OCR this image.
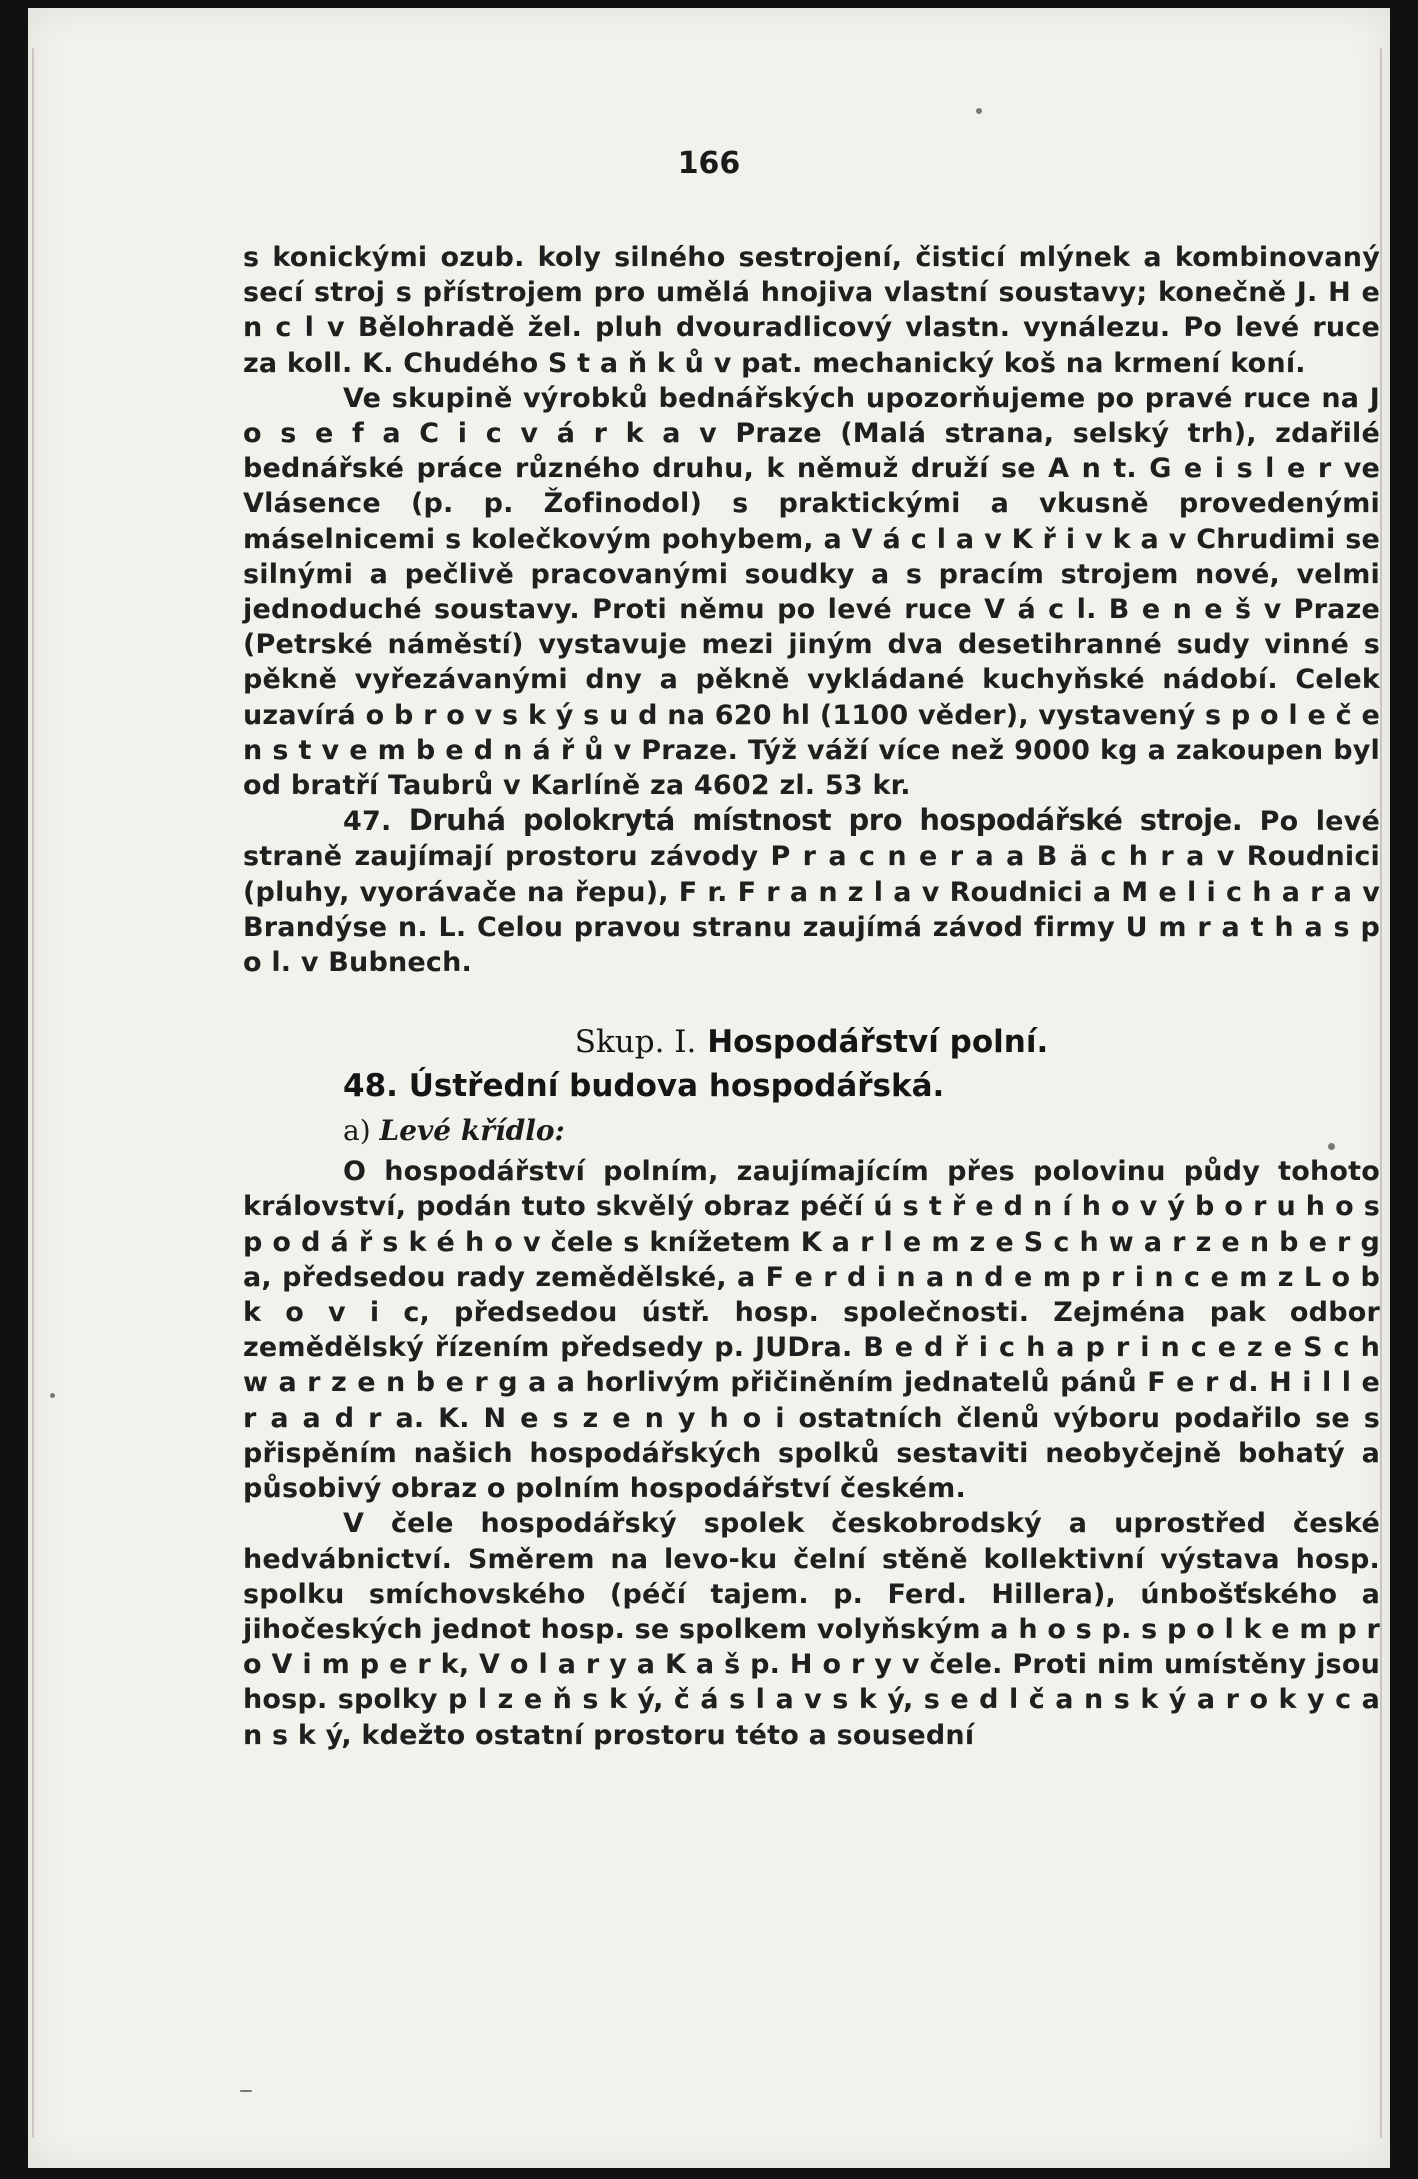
166

s konickými ozub. koly silného sestrojení, čisticí mlýnek a kombinovaný secí stroj s přístrojem pro umělá hnojiva vlastní soustavy; konečně J. H e n c l v Bělohradě žel. pluh dvouradlicový vlastn. vynálezu. Po levé ruce za koll. K. Chudého S t a ň k ů v pat. mechanický koš na krmení koní.

Ve skupině výrobků bednářských upozorňujeme po pravé ruce na J o s e f a C i c v á r k a v Praze (Malá strana, selský trh), zdařilé bednářské práce různého druhu, k němuž druží se A n t. G e i s l e r ve Vlásence (p. p. Žofinodol) s praktickými a vkusně provedenými máselnicemi s kolečkovým pohybem, a V á c l a v K ř i v k a v Chrudimi se silnými a pečlivě pracovanými soudky a s pracím strojem nové, velmi jednoduché soustavy. Proti němu po levé ruce V á c l. B e n e š v Praze (Petrské náměstí) vystavuje mezi jiným dva desetihranné sudy vinné s pěkně vyřezávanými dny a pěkně vykládané kuchyňské nádobí. Celek uzavírá o b r o v s k ý s u d na 620 hl (1100 věder), vystavený s p o l e č e n s t v e m b e d n á ř ů v Praze. Týž váží více než 9000 kg a zakoupen byl od bratří Taubrů v Karlíně za 4602 zl. 53 kr.

47. Druhá polokrytá místnost pro hospodářské stroje. Po levé straně zaujímají prostoru závody P r a c n e r a a B ä c h r a v Roudnici (pluhy, vyorávače na řepu), F r. F r a n z l a v Roudnici a M e l i c h a r a v Brandýse n. L. Celou pravou stranu zaujímá závod firmy U m r a t h a s p o l. v Bubnech.

Skup. I. Hospodářství polní.

48. Ústřední budova hospodářská.

a) Levé křídlo:

O hospodářství polním, zaujímajícím přes polovinu půdy tohoto království, podán tuto skvělý obraz péčí ú s t ř e d n í h o v ý b o r u h o s p o d á ř s k é h o v čele s knížetem K a r l e m z e S c h w a r z e n b e r g a, předsedou rady zemědělské, a F e r d i n a n d e m p r i n c e m z L o b k o v i c, předsedou ústř. hosp. společnosti. Zejména pak odbor zemědělský řízením předsedy p. JUDra. B e d ř i c h a p r i n c e z e S c h w a r z e n b e r g a a horlivým přičiněním jednatelů pánů F e r d. H i l l e r a a d r a. K. N e s z e n y h o i ostatních členů výboru podařilo se s přispěním našich hospodářských spolků sestaviti neobyčejně bohatý a působivý obraz o polním hospodářství českém.

V čele hospodářský spolek českobrodský a uprostřed české hedvábnictví. Směrem na levo-ku čelní stěně kollektivní výstava hosp. spolku smíchovského (péčí tajem. p. Ferd. Hillera), únbošťského a jihočeských jednot hosp. se spolkem volyňským a h o s p. s p o l k e m p r o V i m p e r k, V o l a r y a K a š p. H o r y v čele. Proti nim umístěny jsou hosp. spolky p l z e ň s k ý, č á s l a v s k ý, s e d l č a n s k ý a r o k y c a n s k ý, kdežto ostatní prostoru této a sousední
